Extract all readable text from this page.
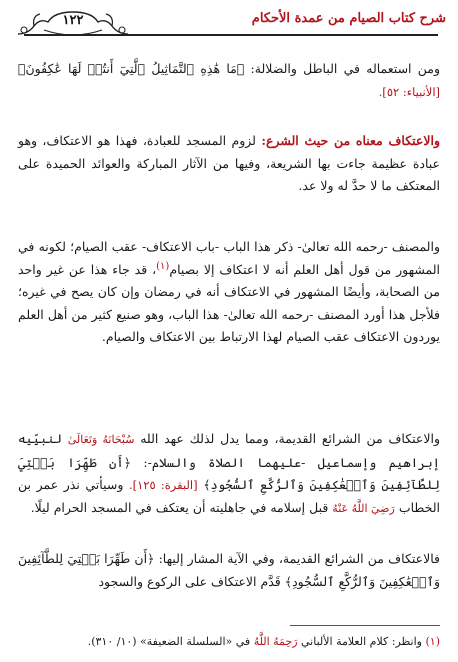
شرح كتاب الصيام من عمدة الأحكام
١٢٢

ومن استعماله في الباطل والضلالة: ﴿مَا هَٰذِهِ ٱلتَّمَاثِيلُ ٱلَّتِيٓ أَنتُمۡ لَهَا عَٰكِفُونَ﴾ [الأنبياء: ٥٢].

والاعتكاف معناه من حيث الشرع: لزوم المسجد للعبادة، فهذا هو الاعتكاف، وهو عبادة عظيمة جاءت بها الشريعة، وفيها من الآثار المباركة والعوائد الحميدة على المعتكف ما لا حدَّ له ولا عد.

والمصنف -رحمه الله تعالىٰ- ذكر هذا الباب -باب الاعتكاف- عقب الصيام؛ لكونه في المشهور من قول أهل العلم أنه لا اعتكاف إلا بصيام$^{(١)}$، قد جاء هذا عن غير واحد من الصحابة، وأيضًا المشهور في الاعتكاف أنه في رمضان وإن كان يصح في غيره؛ فلأجل هذا أورد المصنف -رحمه الله تعالىٰ- هذا الباب، وهو صنيع كثير من أهل العلم يوردون الاعتكاف عقب الصيام لهذا الارتباط بين الاعتكاف والصيام.

والاعتكاف من الشرائع القديمة، ومما يدل لذلك عهد الله سُبْحَانَهُ وَتَعَالَىٰ لنبيِّيه إبراهيم وإسماعيل -عليهما الصلاة والسلام-: ﴿أَن طَهِّرَا بَيۡتِيَ لِلطَّآئِفِينَ وَٱلۡعَٰكِفِينَ وَٱلرُّكَّعِ ٱلسُّجُودِ﴾ [البقرة: ١٢٥]. وسيأتي نذر عمر بن الخطاب رَضِيَ اللَّهُ عَنْهُ قبل إسلامه في جاهليته أن يعتكف في المسجد الحرام ليلًا.

فالاعتكاف من الشرائع القديمة، وفي الآية المشار إليها: ﴿أَن طَهِّرَا بَيۡتِيَ لِلطَّآئِفِينَ وَٱلۡعَٰكِفِينَ وَٱلرُّكَّعِ ٱلسُّجُودِ﴾ قَدَّم الاعتكاف على الركوع والسجود

(١) وانظر: كلام العلامة الألباني رَحِمَهُ اللَّهُ في «السلسلة الضعيفة» (١٠/ ٣١٠).
